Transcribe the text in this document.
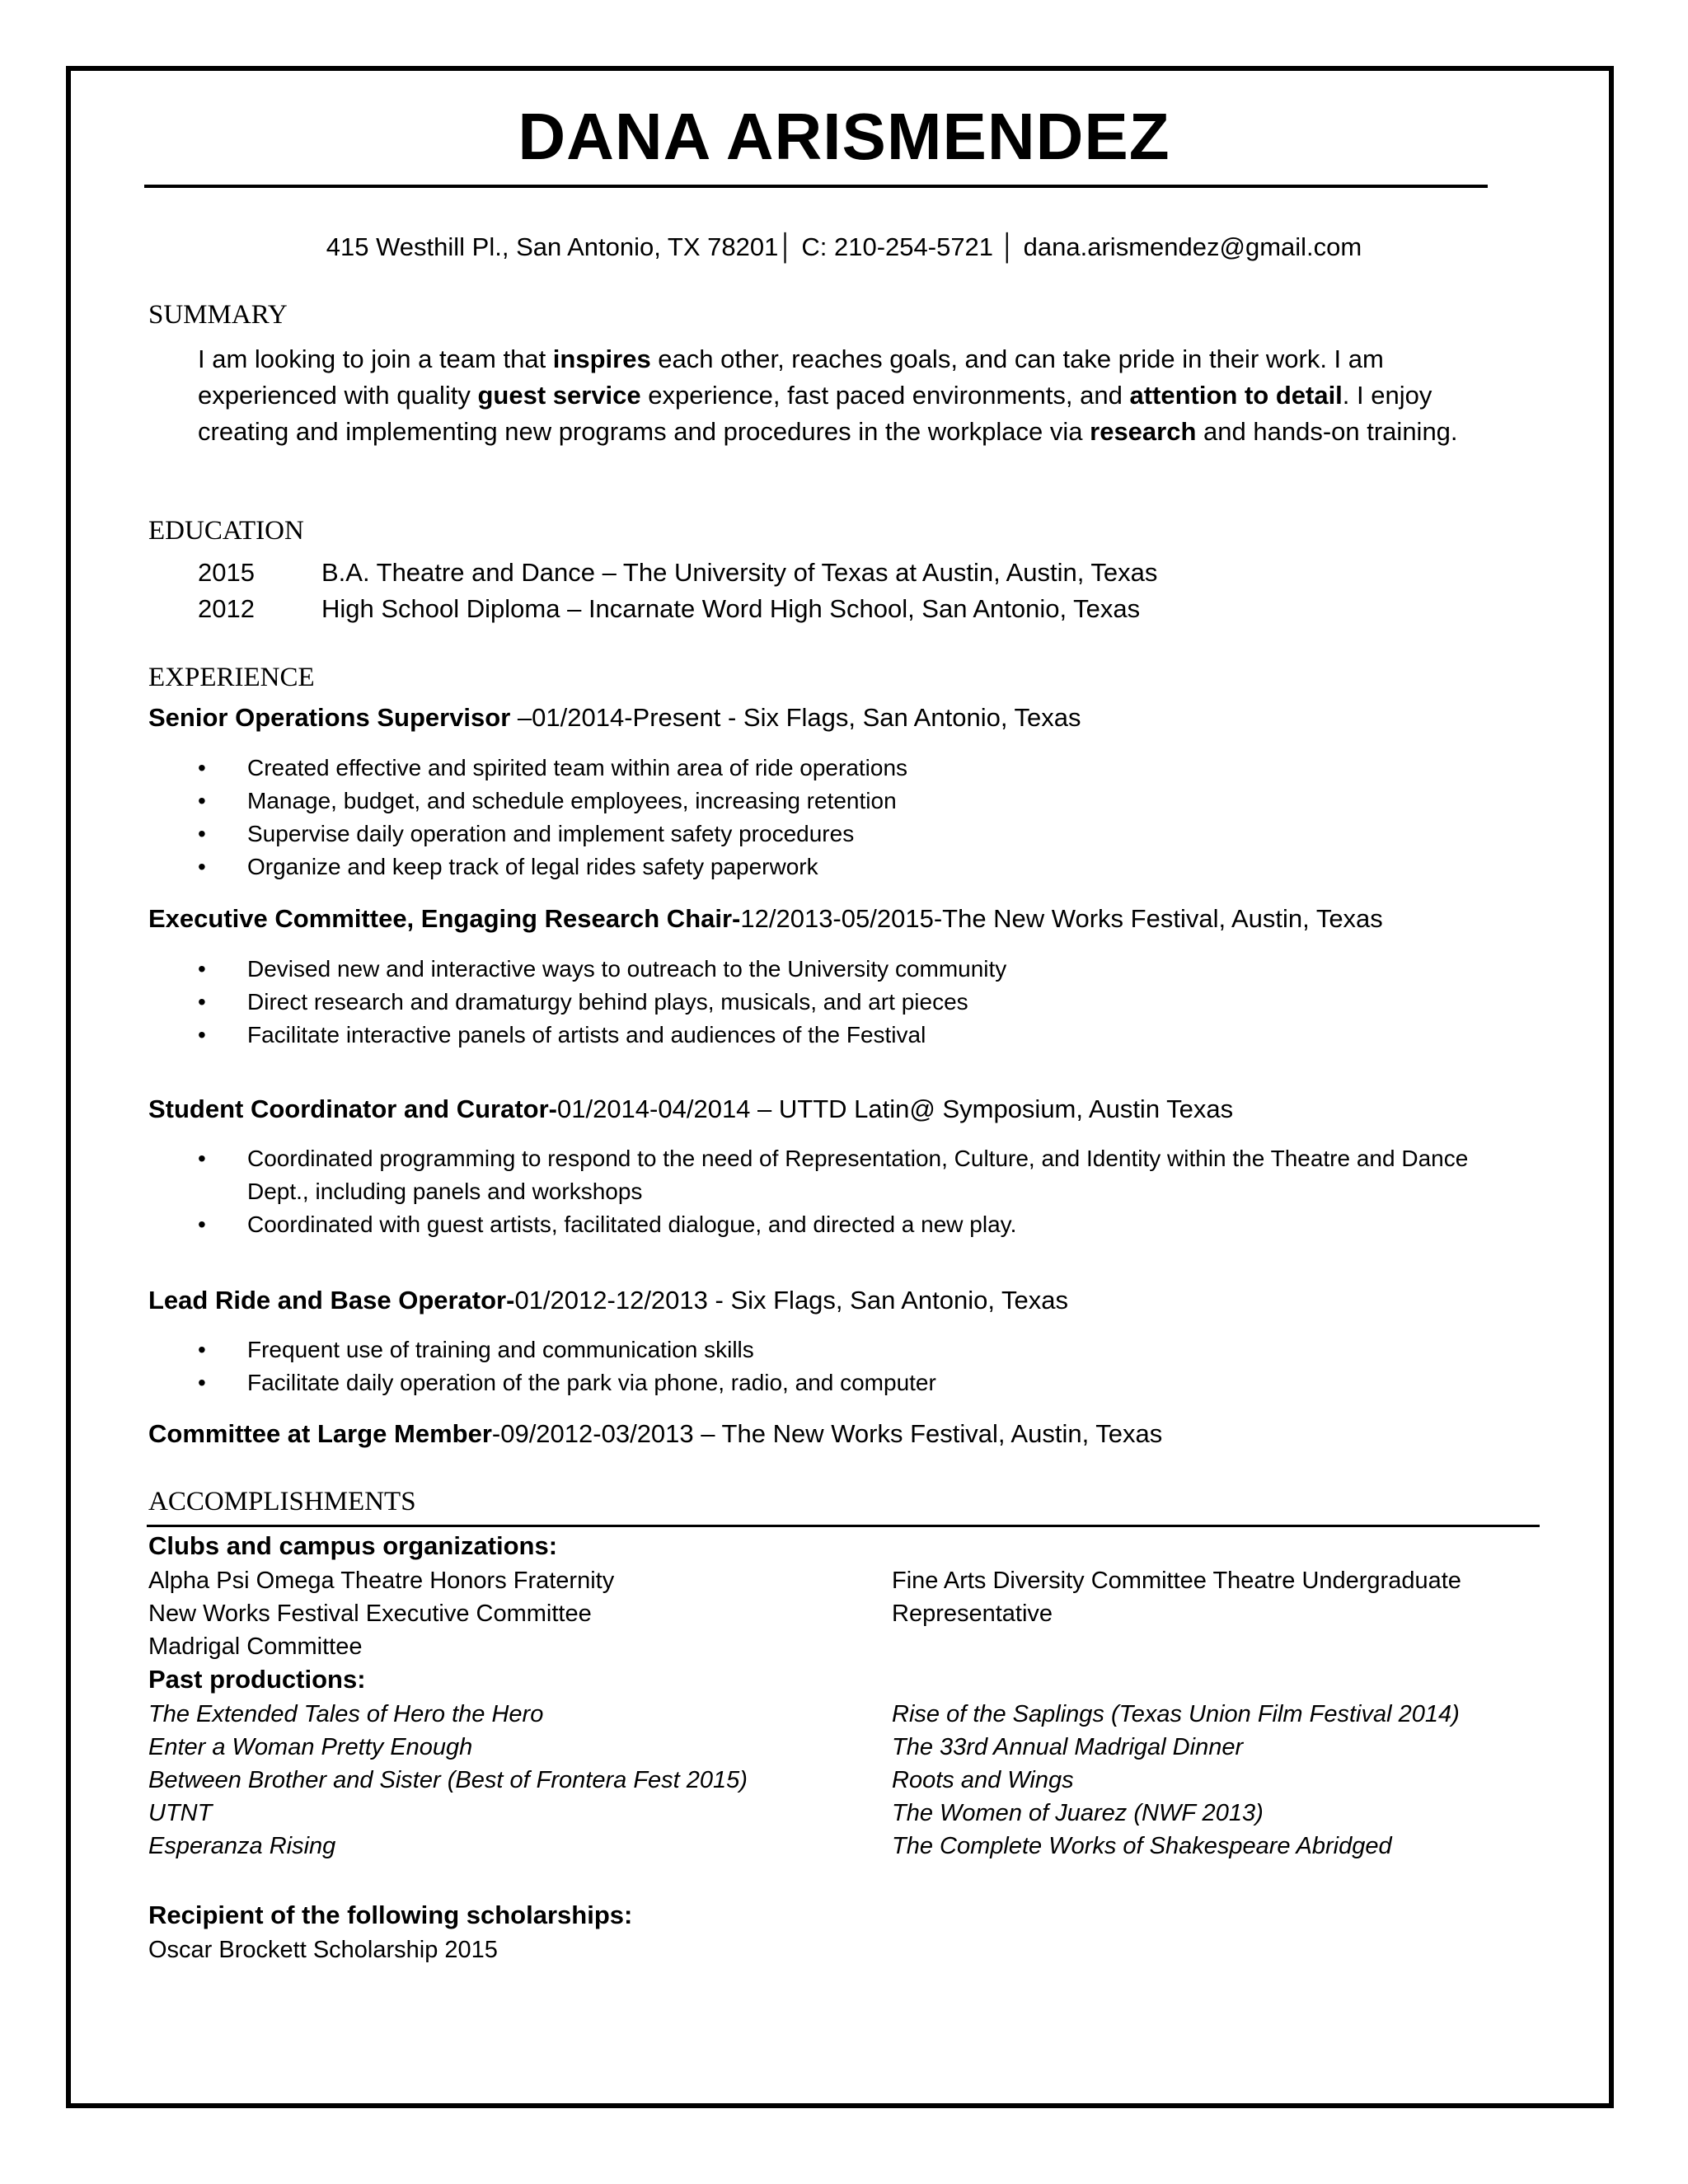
DANA ARISMENDEZ
415 Westhill Pl., San Antonio, TX 78201│ C: 210-254-5721 │ dana.arismendez@gmail.com
SUMMARY
I am looking to join a team that inspires each other, reaches goals, and can take pride in their work. I am experienced with quality guest service experience, fast paced environments, and attention to detail. I enjoy creating and implementing new programs and procedures in the workplace via research and hands-on training.
EDUCATION
2015	B.A. Theatre and Dance – The University of Texas at Austin, Austin, Texas
2012	High School Diploma – Incarnate Word High School, San Antonio, Texas
EXPERIENCE
Senior Operations Supervisor –01/2014-Present - Six Flags, San Antonio, Texas
• Created effective and spirited team within area of ride operations
• Manage, budget, and schedule employees, increasing retention
• Supervise daily operation and implement safety procedures
• Organize and keep track of legal rides safety paperwork
Executive Committee, Engaging Research Chair-12/2013-05/2015-The New Works Festival, Austin, Texas
• Devised new and interactive ways to outreach to the University community
• Direct research and dramaturgy behind plays, musicals, and art pieces
• Facilitate interactive panels of artists and audiences of the Festival
Student Coordinator and Curator-01/2014-04/2014 – UTTD Latin@ Symposium, Austin Texas
• Coordinated programming to respond to the need of Representation, Culture, and Identity within the Theatre and Dance Dept., including panels and workshops
• Coordinated with guest artists, facilitated dialogue, and directed a new play.
Lead Ride and Base Operator-01/2012-12/2013 - Six Flags, San Antonio, Texas
• Frequent use of training and communication skills
• Facilitate daily operation of the park via phone, radio, and computer
Committee at Large Member-09/2012-03/2013 – The New Works Festival, Austin, Texas
ACCOMPLISHMENTS
Clubs and campus organizations:
Alpha Psi Omega Theatre Honors Fraternity
New Works Festival Executive Committee
Madrigal Committee
Fine Arts Diversity Committee Theatre Undergraduate
Representative
Past productions:
The Extended Tales of Hero the Hero
Enter a Woman Pretty Enough
Between Brother and Sister (Best of Frontera Fest 2015)
UTNT
Esperanza Rising
Rise of the Saplings (Texas Union Film Festival 2014)
The 33rd Annual Madrigal Dinner
Roots and Wings
The Women of Juarez (NWF 2013)
The Complete Works of Shakespeare Abridged
Recipient of the following scholarships:
Oscar Brockett Scholarship 2015
